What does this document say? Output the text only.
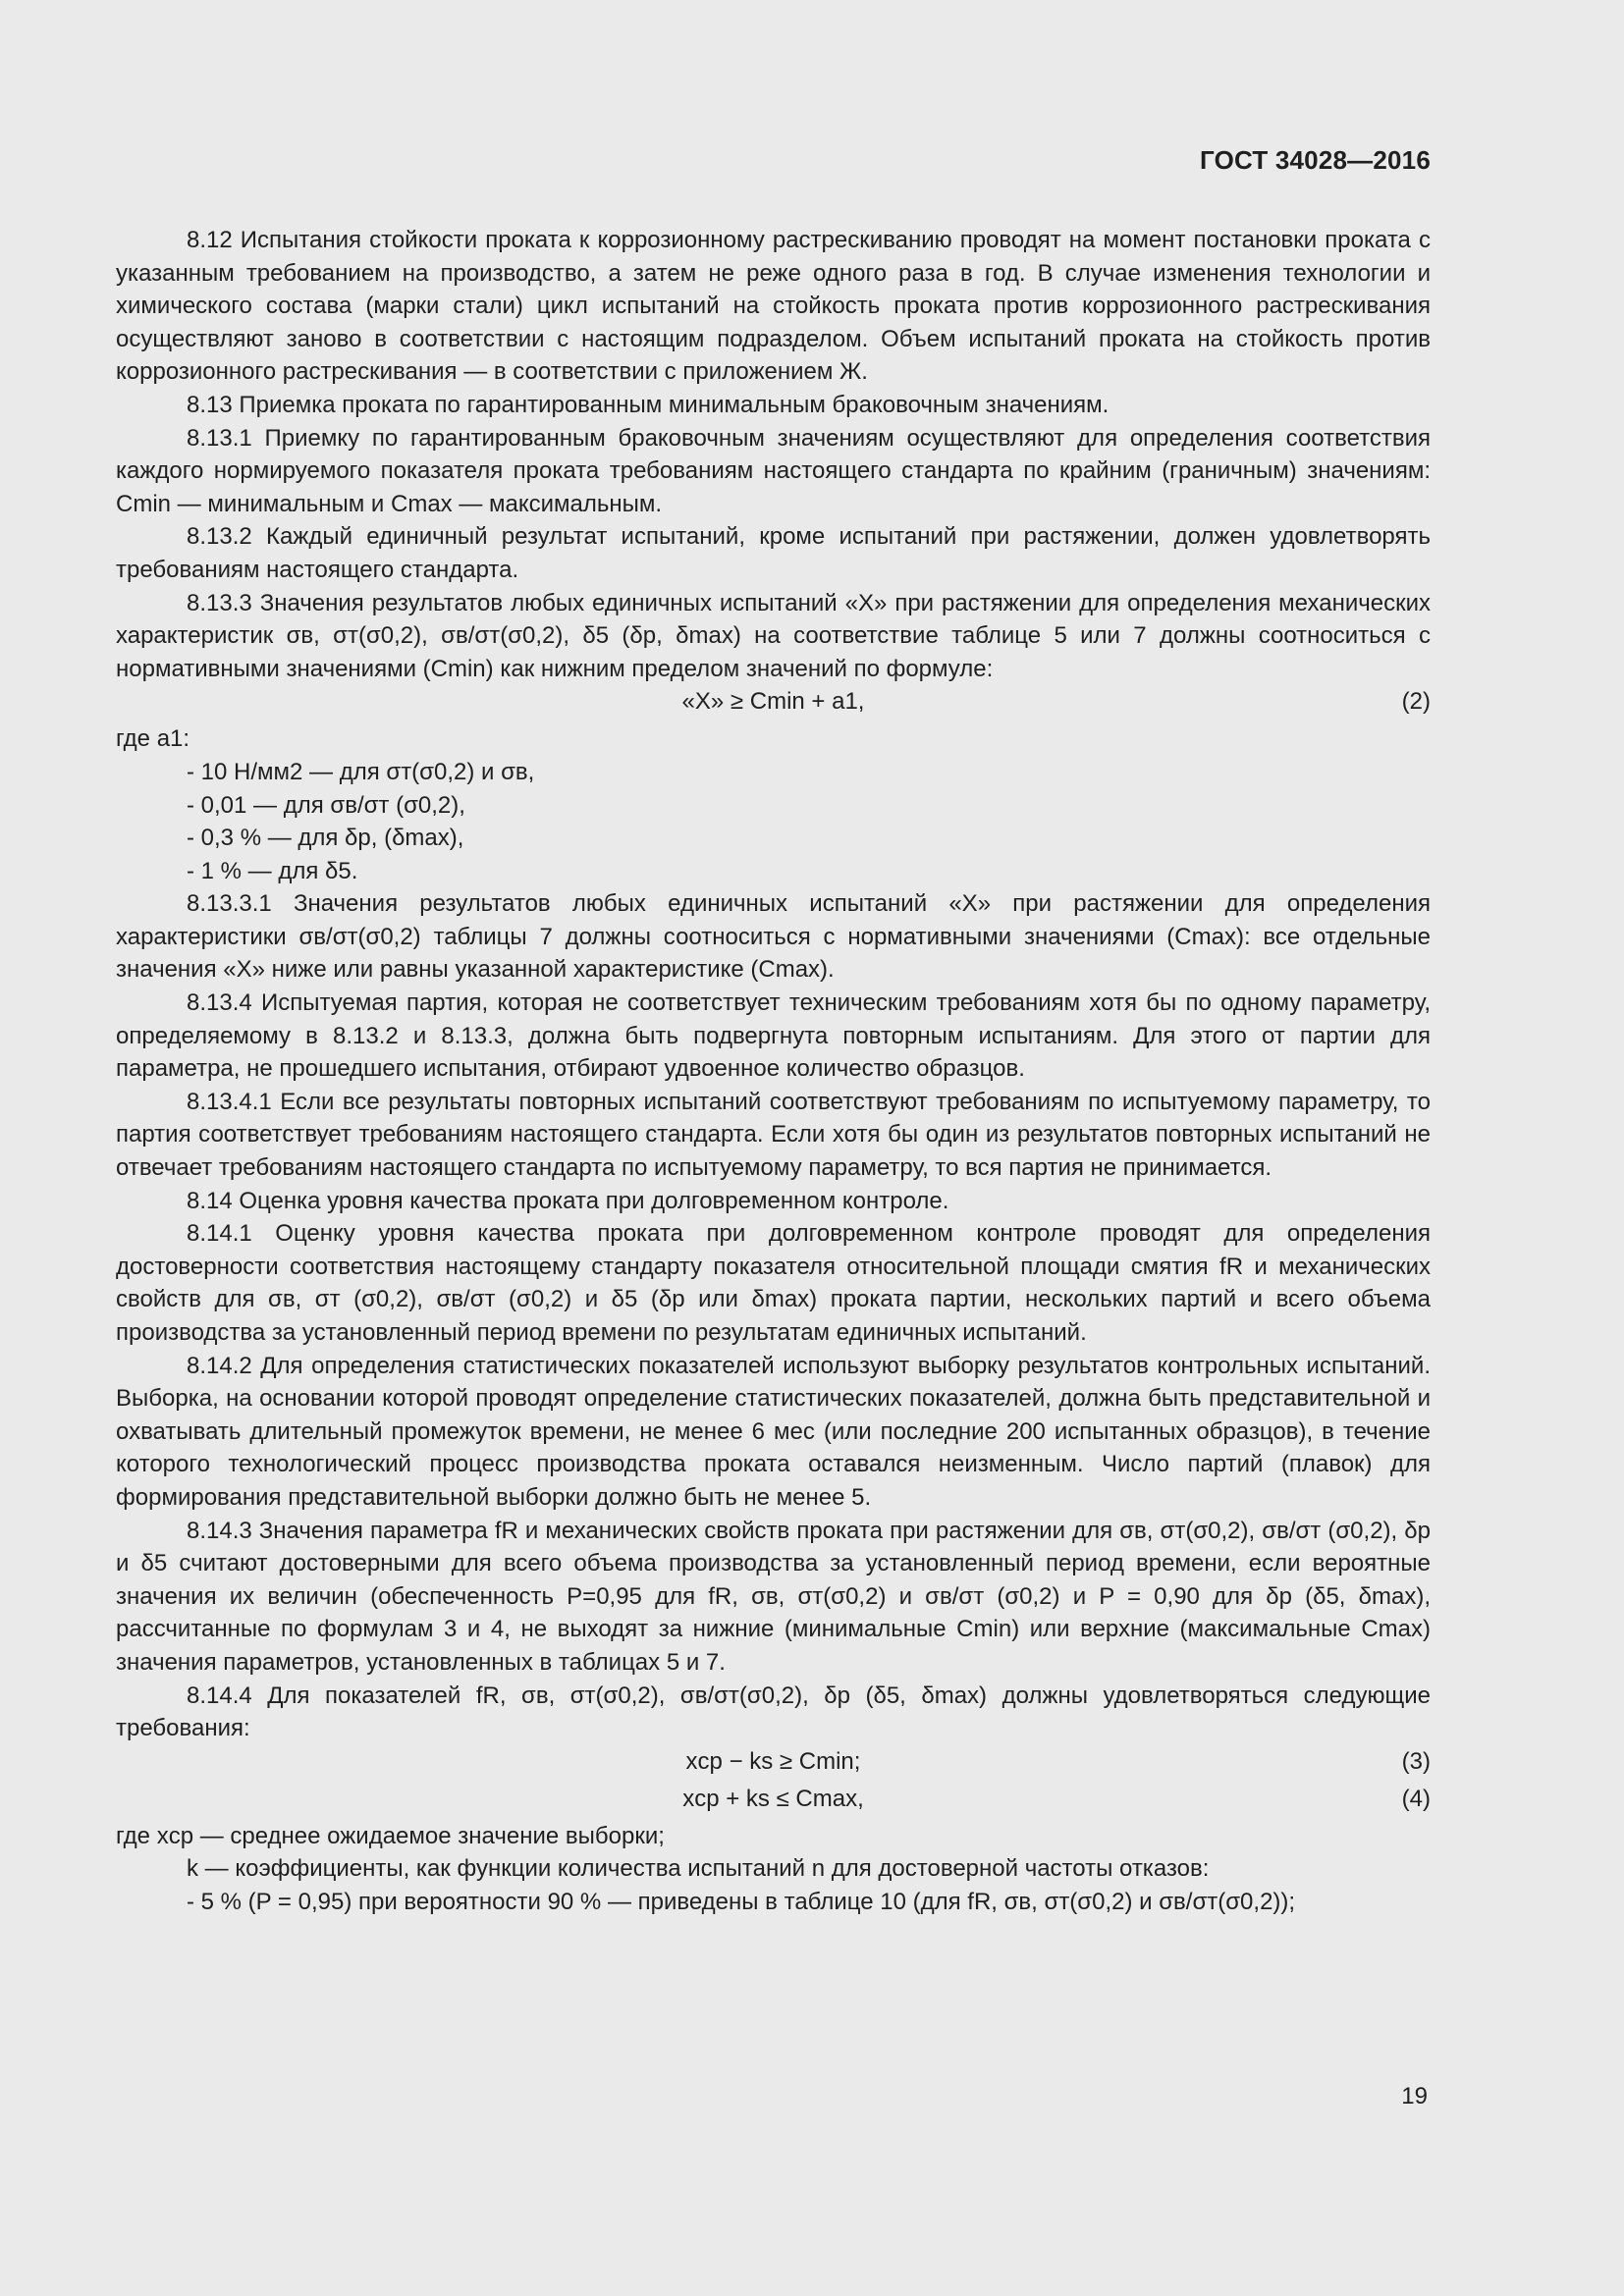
ГОСТ 34028—2016

8.12 Испытания стойкости проката к коррозионному растрескиванию проводят на момент постановки проката с указанным требованием на производство, а затем не реже одного раза в год. В случае изменения технологии и химического состава (марки стали) цикл испытаний на стойкость проката против коррозионного растрескивания осуществляют заново в соответствии с настоящим подразделом. Объем испытаний проката на стойкость против коррозионного растрескивания — в соответствии с приложением Ж.

8.13 Приемка проката по гарантированным минимальным браковочным значениям.

8.13.1 Приемку по гарантированным браковочным значениям осуществляют для определения соответствия каждого нормируемого показателя проката требованиям настоящего стандарта по крайним (граничным) значениям: Cmin — минимальным и Cmax — максимальным.

8.13.2 Каждый единичный результат испытаний, кроме испытаний при растяжении, должен удовлетворять требованиям настоящего стандарта.

8.13.3 Значения результатов любых единичных испытаний «X» при растяжении для определения механических характеристик σв, σт(σ0,2), σв/σт(σ0,2), δ5 (δр, δmax) на соответствие таблице 5 или 7 должны соотноситься с нормативными значениями (Cmin) как нижним пределом значений по формуле:

«X» ≥ Cmin + a1,	(2)

где a1:

- 10 Н/мм2 — для σт(σ0,2) и σв,

- 0,01 — для σв/σт (σ0,2),

- 0,3 % — для δр, (δmax),

- 1 % — для δ5.

8.13.3.1 Значения результатов любых единичных испытаний «X» при растяжении для определения характеристики σв/σт(σ0,2) таблицы 7 должны соотноситься с нормативными значениями (Cmax): все отдельные значения «X» ниже или равны указанной характеристике (Cmax).

8.13.4 Испытуемая партия, которая не соответствует техническим требованиям хотя бы по одному параметру, определяемому в 8.13.2 и 8.13.3, должна быть подвергнута повторным испытаниям. Для этого от партии для параметра, не прошедшего испытания, отбирают удвоенное количество образцов.

8.13.4.1 Если все результаты повторных испытаний соответствуют требованиям по испытуемому параметру, то партия соответствует требованиям настоящего стандарта. Если хотя бы один из результатов повторных испытаний не отвечает требованиям настоящего стандарта по испытуемому параметру, то вся партия не принимается.

8.14 Оценка уровня качества проката при долговременном контроле.

8.14.1 Оценку уровня качества проката при долговременном контроле проводят для определения достоверности соответствия настоящему стандарту показателя относительной площади смятия fR и механических свойств для σв, σт (σ0,2), σв/σт (σ0,2) и δ5 (δр или δmax) проката партии, нескольких партий и всего объема производства за установленный период времени по результатам единичных испытаний.

8.14.2 Для определения статистических показателей используют выборку результатов контрольных испытаний. Выборка, на основании которой проводят определение статистических показателей, должна быть представительной и охватывать длительный промежуток времени, не менее 6 мес (или последние 200 испытанных образцов), в течение которого технологический процесс производства проката оставался неизменным. Число партий (плавок) для формирования представительной выборки должно быть не менее 5.

8.14.3 Значения параметра fR и механических свойств проката при растяжении для σв, σт(σ0,2), σв/σт (σ0,2), δр и δ5 считают достоверными для всего объема производства за установленный период времени, если вероятные значения их величин (обеспеченность P=0,95 для fR, σв, σт(σ0,2) и σв/σт (σ0,2) и P = 0,90 для δр (δ5, δmax), рассчитанные по формулам 3 и 4, не выходят за нижние (минимальные Cmin) или верхние (максимальные Cmax) значения параметров, установленных в таблицах 5 и 7.

8.14.4 Для показателей fR, σв, σт(σ0,2), σв/σт(σ0,2), δр (δ5, δmax) должны удовлетворяться следующие требования:

xср − ks ≥ Cmin;	(3)
xср + ks ≤ Cmax,	(4)

где xср — среднее ожидаемое значение выборки;

k — коэффициенты, как функции количества испытаний n для достоверной частоты отказов:

- 5 % (P = 0,95) при вероятности 90 % — приведены в таблице 10 (для fR, σв, σт(σ0,2) и σв/σт(σ0,2));

19
